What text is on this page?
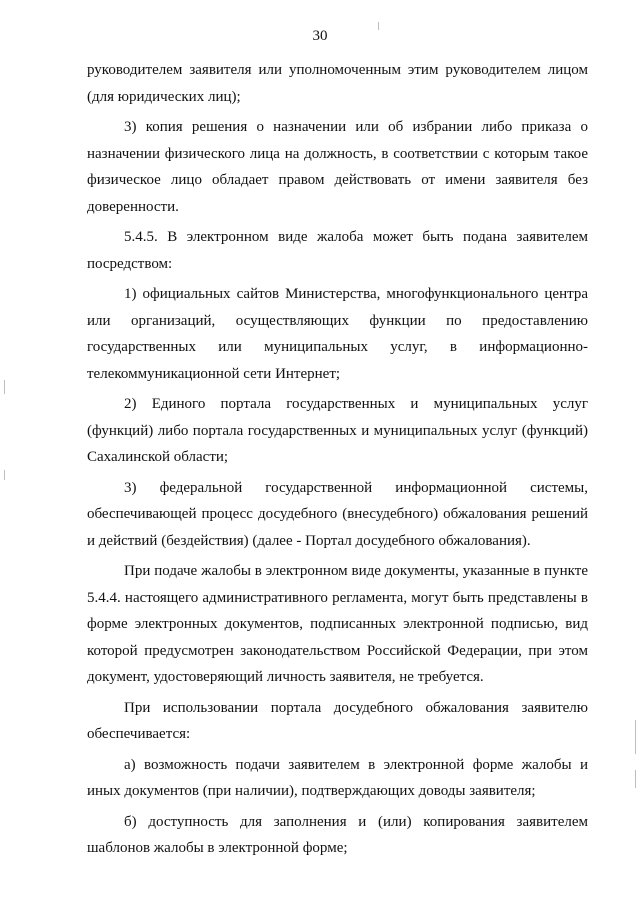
30

руководителем заявителя или уполномоченным этим руководителем лицом (для юридических лиц);

3) копия решения о назначении или об избрании либо приказа о назначении физического лица на должность, в соответствии с которым такое физическое лицо обладает правом действовать от имени заявителя без доверенности.

5.4.5. В электронном виде жалоба может быть подана заявителем посредством:

1) официальных сайтов Министерства, многофункционального центра или организаций, осуществляющих функции по предоставлению государственных или муниципальных услуг, в информационно-телекоммуникационной сети Интернет;

2) Единого портала государственных и муниципальных услуг (функций) либо портала государственных и муниципальных услуг (функций) Сахалинской области;

3) федеральной государственной информационной системы, обеспечивающей процесс досудебного (внесудебного) обжалования решений и действий (бездействия) (далее - Портал досудебного обжалования).

При подаче жалобы в электронном виде документы, указанные в пункте 5.4.4. настоящего административного регламента, могут быть представлены в форме электронных документов, подписанных электронной подписью, вид которой предусмотрен законодательством Российской Федерации, при этом документ, удостоверяющий личность заявителя, не требуется.

При использовании портала досудебного обжалования заявителю обеспечивается:

а) возможность подачи заявителем в электронной форме жалобы и иных документов (при наличии), подтверждающих доводы заявителя;

б) доступность для заполнения и (или) копирования заявителем шаблонов жалобы в электронной форме;
